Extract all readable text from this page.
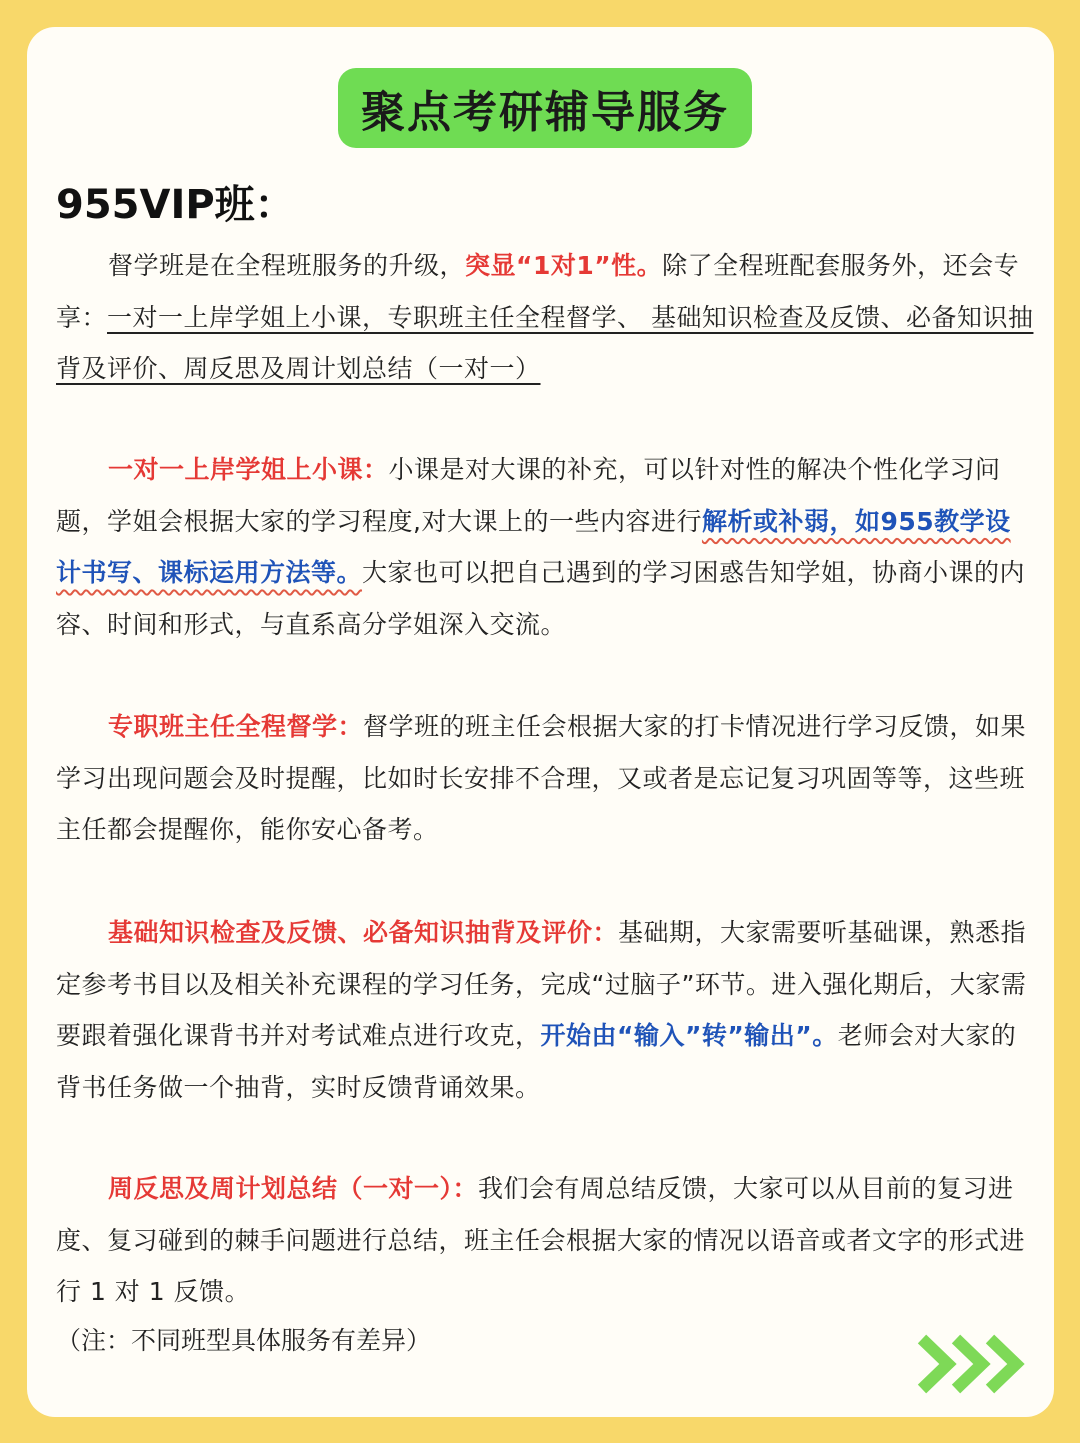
聚点考研辅导服务
955VIP班：
督学班是在全程班服务的升级，突显“1对1”性。除了全程班配套服务外，还会专享：一对一上岸学姐上小课，专职班主任全程督学、 基础知识检查及反馈、必备知识抽背及评价、周反思及周计划总结（一对一）
一对一上岸学姐上小课：小课是对大课的补充，可以针对性的解决个性化学习问题，学姐会根据大家的学习程度,对大课上的一些内容进行解析或补弱，如955教学设计书写、课标运用方法等。大家也可以把自己遇到的学习困惑告知学姐，协商小课的内容、时间和形式，与直系高分学姐深入交流。
专职班主任全程督学：督学班的班主任会根据大家的打卡情况进行学习反馈，如果学习出现问题会及时提醒，比如时长安排不合理，又或者是忘记复习巩固等等，这些班主任都会提醒你，能你安心备考。
基础知识检查及反馈、必备知识抽背及评价：基础期，大家需要听基础课，熟悉指定参考书目以及相关补充课程的学习任务，完成“过脑子”环节。进入强化期后，大家需要跟着强化课背书并对考试难点进行攻克，开始由“输入”转”输出”。老师会对大家的背书任务做一个抽背，实时反馈背诵效果。
周反思及周计划总结（一对一）：我们会有周总结反馈，大家可以从目前的复习进度、复习碰到的棘手问题进行总结，班主任会根据大家的情况以语音或者文字的形式进行 1 对 1 反馈。
（注：不同班型具体服务有差异）
